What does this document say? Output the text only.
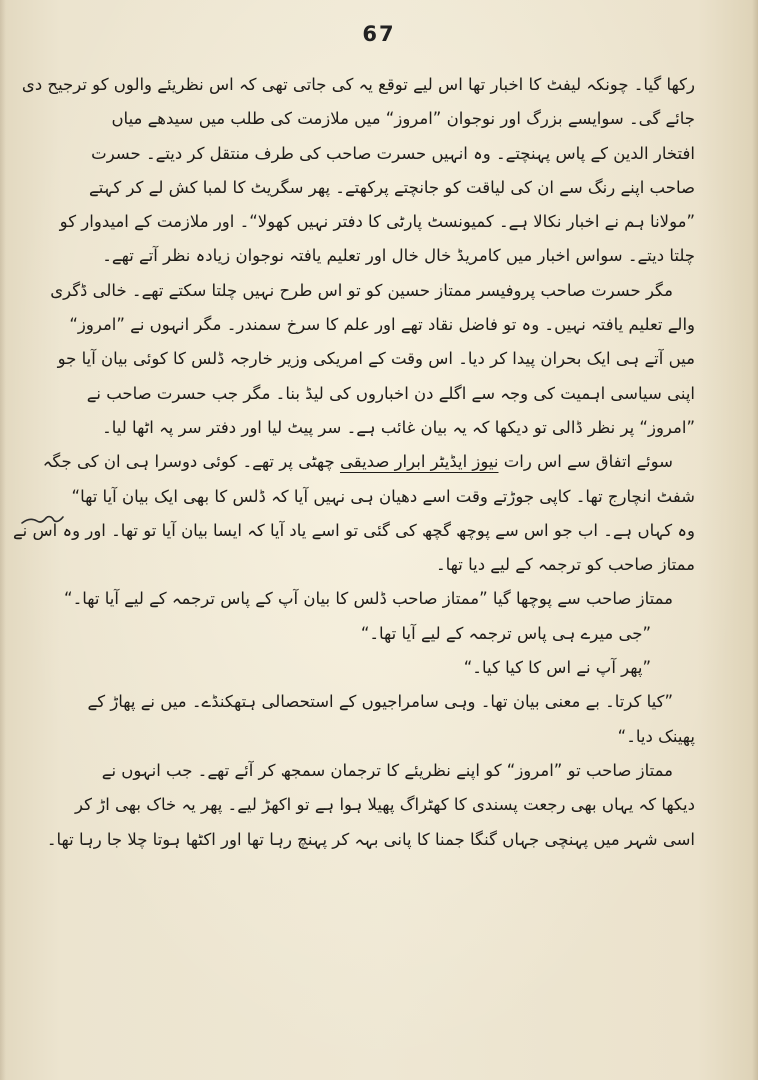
67
رکھا گیا۔ چونکہ لیفٹ کا اخبار تھا اس لیے توقع یہ کی جاتی تھی کہ اس نظریئے والوں کو ترجیح دی
جائے گی۔ سوایسے بزرگ اور نوجوان ”امروز“ میں ملازمت کی طلب میں سیدھے میاں
افتخار الدین کے پاس پہنچتے۔ وہ انہیں حسرت صاحب کی طرف منتقل کر دیتے۔ حسرت
صاحب اپنے رنگ سے ان کی لیاقت کو جانچتے پرکھتے۔ پھر سگریٹ کا لمبا کش لے کر کہتے
”مولانا ہم نے اخبار نکالا ہے۔ کمیونسٹ پارٹی کا دفتر نہیں کھولا“۔ اور ملازمت کے امیدوار کو
چلتا دیتے۔ سواس اخبار میں کامریڈ خال خال اور تعلیم یافتہ نوجوان زیادہ نظر آتے تھے۔
مگر حسرت صاحب پروفیسر ممتاز حسین کو تو اس طرح نہیں چلتا سکتے تھے۔ خالی ڈگری
والے تعلیم یافتہ نہیں۔ وہ تو فاضل نقاد تھے اور علم کا سرخ سمندر۔ مگر انہوں نے ”امروز“
میں آتے ہی ایک بحران پیدا کر دیا۔ اس وقت کے امریکی وزیر خارجہ ڈلس کا کوئی بیان آیا جو
اپنی سیاسی اہمیت کی وجہ سے اگلے دن اخباروں کی لیڈ بنا۔ مگر جب حسرت صاحب نے
”امروز“ پر نظر ڈالی تو دیکھا کہ یہ بیان غائب ہے۔ سر پیٹ لیا اور دفتر سر پہ اٹھا لیا۔
سوئے اتفاق سے اس رات نیوز ایڈیٹر ابرار صدیقی چھٹی پر تھے۔ کوئی دوسرا ہی ان کی جگہ
شفٹ انچارج تھا۔ کاپی جوڑتے وقت اسے دھیان ہی نہیں آیا کہ ڈلس کا بھی ایک بیان آیا تھا“
وہ کہاں ہے۔ اب جو اس سے پوچھ گچھ کی گئی تو اسے یاد آیا کہ ایسا بیان آیا تو تھا۔ اور وہ اس نے
ممتاز صاحب کو ترجمہ کے لیے دیا تھا۔
ممتاز صاحب سے پوچھا گیا ”ممتاز صاحب ڈلس کا بیان آپ کے پاس ترجمہ کے لیے آیا تھا۔“
”جی میرے ہی پاس ترجمہ کے لیے آیا تھا۔“
”پھر آپ نے اس کا کیا کیا۔“
”کیا کرتا۔ بے معنی بیان تھا۔ وہی سامراجیوں کے استحصالی ہتھکنڈے۔ میں نے پھاڑ کے
پھینک دیا۔“
ممتاز صاحب تو ”امروز“ کو اپنے نظریئے کا ترجمان سمجھ کر آئے تھے۔ جب انہوں نے
دیکھا کہ یہاں بھی رجعت پسندی کا کھٹراگ پھیلا ہوا ہے تو اکھڑ لیے۔ پھر یہ خاک بھی اڑ کر
اسی شہر میں پہنچی جہاں گنگا جمنا کا پانی بہہ کر پہنچ رہا تھا اور اکٹھا ہوتا چلا جا رہا تھا۔
